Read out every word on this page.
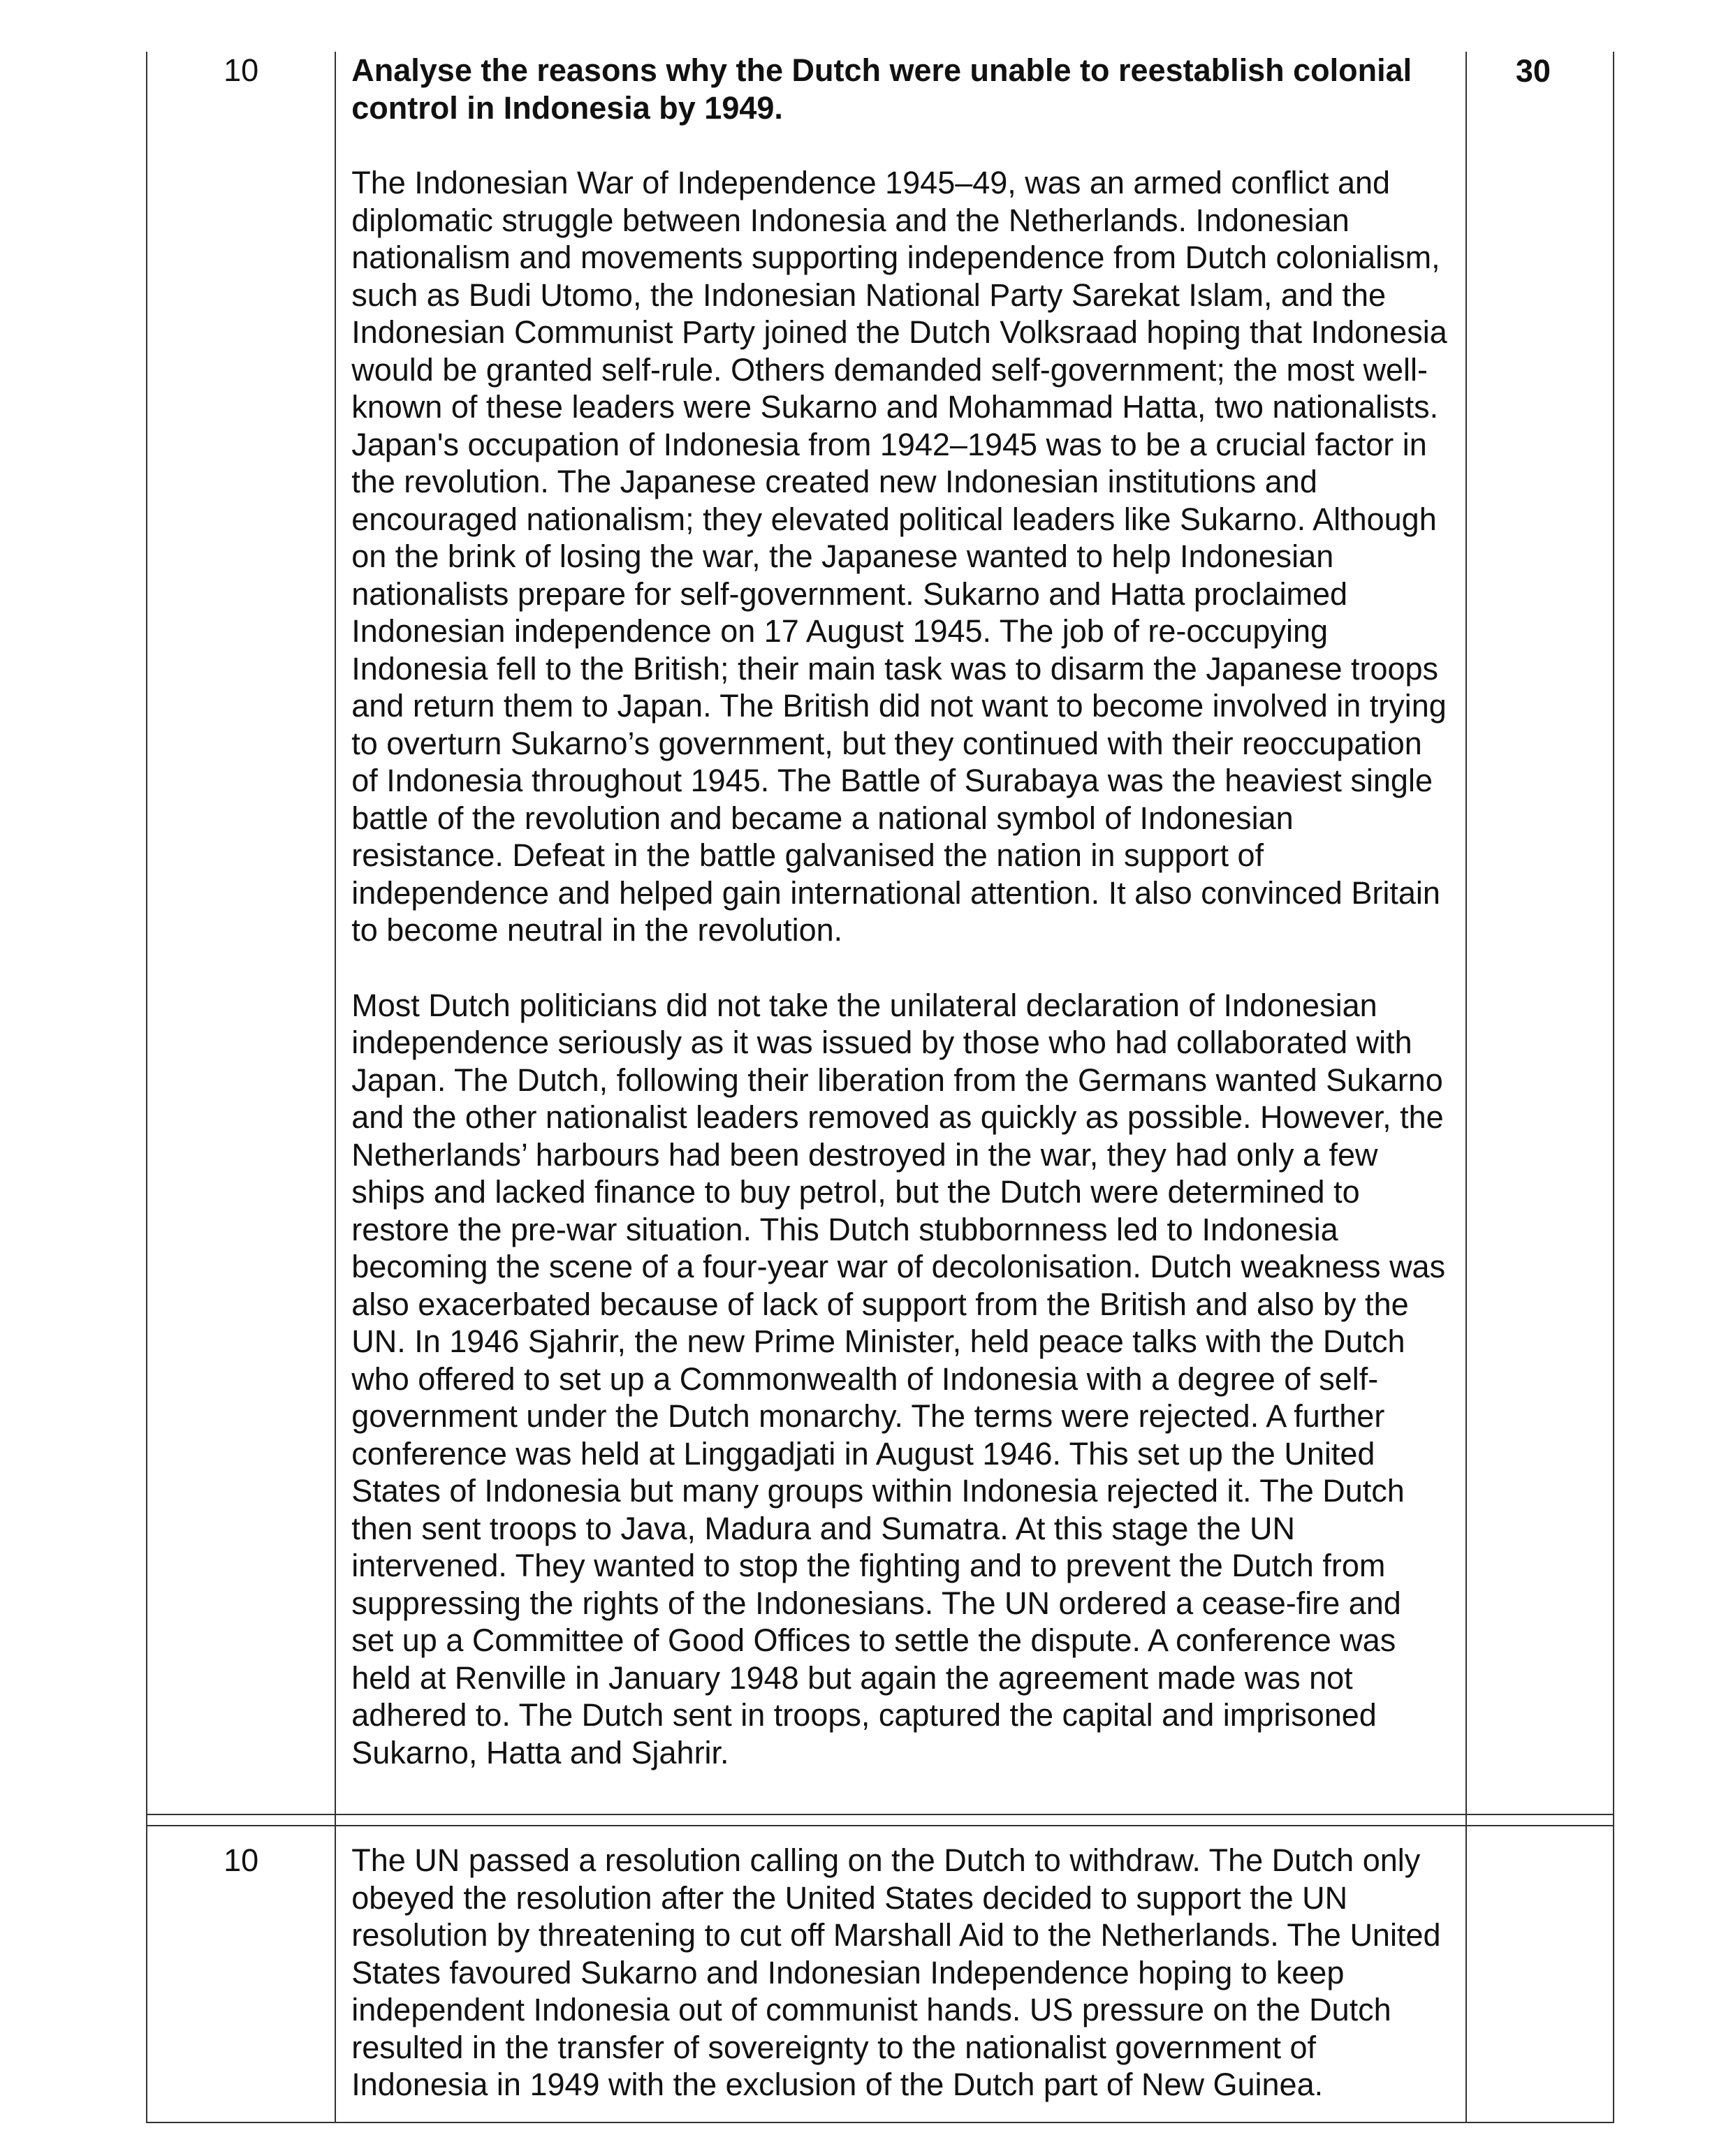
10	Analyse the reasons why the Dutch were unable to reestablish colonial control in Indonesia by 1949.

The Indonesian War of Independence 1945–49, was an armed conflict and diplomatic struggle between Indonesia and the Netherlands. Indonesian nationalism and movements supporting independence from Dutch colonialism, such as Budi Utomo, the Indonesian National Party Sarekat Islam, and the Indonesian Communist Party joined the Dutch Volksraad hoping that Indonesia would be granted self-rule. Others demanded self-government; the most well-known of these leaders were Sukarno and Mohammad Hatta, two nationalists. Japan's occupation of Indonesia from 1942–1945 was to be a crucial factor in the revolution. The Japanese created new Indonesian institutions and encouraged nationalism; they elevated political leaders like Sukarno. Although on the brink of losing the war, the Japanese wanted to help Indonesian nationalists prepare for self-government. Sukarno and Hatta proclaimed Indonesian independence on 17 August 1945. The job of re-occupying Indonesia fell to the British; their main task was to disarm the Japanese troops and return them to Japan. The British did not want to become involved in trying to overturn Sukarno’s government, but they continued with their reoccupation of Indonesia throughout 1945. The Battle of Surabaya was the heaviest single battle of the revolution and became a national symbol of Indonesian resistance. Defeat in the battle galvanised the nation in support of independence and helped gain international attention. It also convinced Britain to become neutral in the revolution.

Most Dutch politicians did not take the unilateral declaration of Indonesian independence seriously as it was issued by those who had collaborated with Japan. The Dutch, following their liberation from the Germans wanted Sukarno and the other nationalist leaders removed as quickly as possible. However, the Netherlands’ harbours had been destroyed in the war, they had only a few ships and lacked finance to buy petrol, but the Dutch were determined to restore the pre-war situation. This Dutch stubbornness led to Indonesia becoming the scene of a four-year war of decolonisation. Dutch weakness was also exacerbated because of lack of support from the British and also by the UN. In 1946 Sjahrir, the new Prime Minister, held peace talks with the Dutch who offered to set up a Commonwealth of Indonesia with a degree of self-government under the Dutch monarchy. The terms were rejected. A further conference was held at Linggadjati in August 1946. This set up the United States of Indonesia but many groups within Indonesia rejected it. The Dutch then sent troops to Java, Madura and Sumatra. At this stage the UN intervened. They wanted to stop the fighting and to prevent the Dutch from suppressing the rights of the Indonesians. The UN ordered a cease-fire and set up a Committee of Good Offices to settle the dispute. A conference was held at Renville in January 1948 but again the agreement made was not adhered to. The Dutch sent in troops, captured the capital and imprisoned Sukarno, Hatta and Sjahrir.	30

10	The UN passed a resolution calling on the Dutch to withdraw. The Dutch only obeyed the resolution after the United States decided to support the UN resolution by threatening to cut off Marshall Aid to the Netherlands. The United States favoured Sukarno and Indonesian Independence hoping to keep independent Indonesia out of communist hands. US pressure on the Dutch resulted in the transfer of sovereignty to the nationalist government of Indonesia in 1949 with the exclusion of the Dutch part of New Guinea.	
